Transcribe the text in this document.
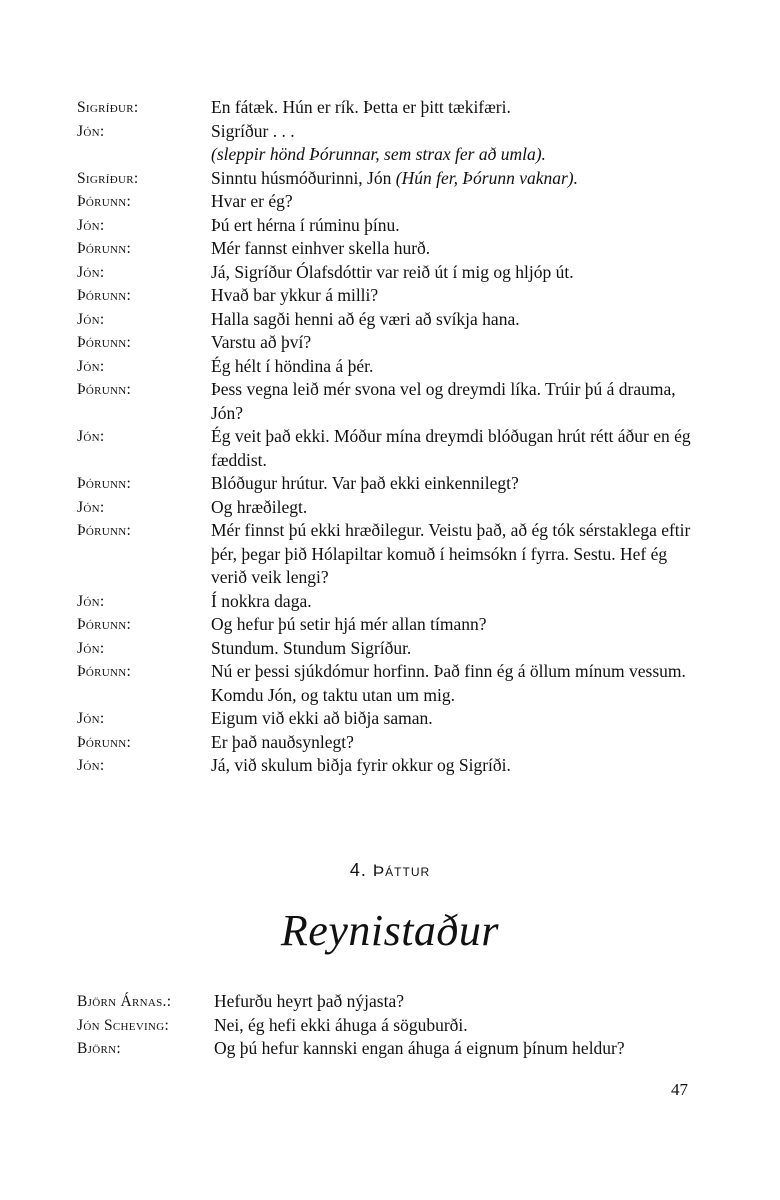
Sigríður:	En fátæk. Hún er rík. Þetta er þitt tækifæri.
Jón:	Sigríður . . .
(sleppir hönd Þórunnar, sem strax fer að umla).
Sigríður:	Sinntu húsmóðurinni, Jón (Hún fer, Þórunn vaknar).
Þórunn:	Hvar er ég?
Jón:	Þú ert hérna í rúminu þínu.
Þórunn:	Mér fannst einhver skella hurð.
Jón:	Já, Sigríður Ólafsdóttir var reið út í mig og hljóp út.
Þórunn:	Hvað bar ykkur á milli?
Jón:	Halla sagði henni að ég væri að svíkja hana.
Þórunn:	Varstu að því?
Jón:	Ég hélt í höndina á þér.
Þórunn:	Þess vegna leið mér svona vel og dreymdi líka. Trúir þú á drauma, Jón?
Jón:	Ég veit það ekki. Móður mína dreymdi blóðugan hrút rétt áður en ég fæddist.
Þórunn:	Blóðugur hrútur. Var það ekki einkennilegt?
Jón:	Og hræðilegt.
Þórunn:	Mér finnst þú ekki hræðilegur. Veistu það, að ég tók sérstaklega eftir þér, þegar þið Hólapiltar komuð í heimsókn í fyrra. Sestu. Hef ég verið veik lengi?
Jón:	Í nokkra daga.
Þórunn:	Og hefur þú setir hjá mér allan tímann?
Jón:	Stundum. Stundum Sigríður.
Þórunn:	Nú er þessi sjúkdómur horfinn. Það finn ég á öllum mínum vessum. Komdu Jón, og taktu utan um mig.
Jón:	Eigum við ekki að biðja saman.
Þórunn:	Er það nauðsynlegt?
Jón:	Já, við skulum biðja fyrir okkur og Sigríði.
4. Þáttur
Reynistaður
Björn Árnas.:	Hefurðu heyrt það nýjasta?
Jón Scheving:	Nei, ég hefi ekki áhuga á söguburði.
Björn:	Og þú hefur kannski engan áhuga á eignum þínum heldur?
47
